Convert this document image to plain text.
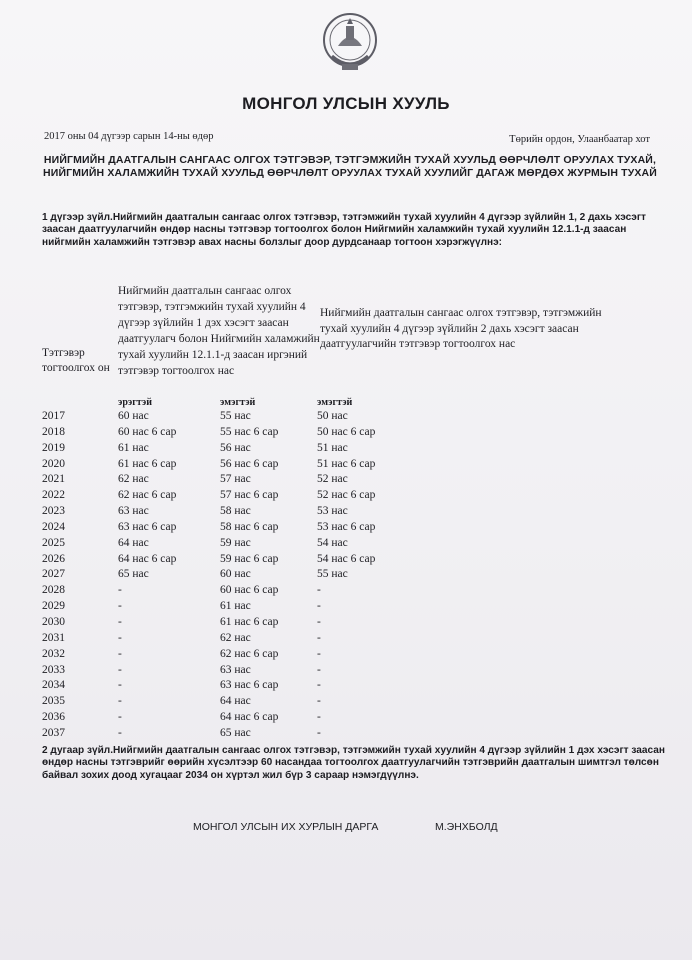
МОНГОЛ УЛСЫН ХУУЛЬ
2017 оны 04 дүгээр сарын 14-ны өдөр	Төрийн ордон, Улаанбаатар хот
НИЙГМИЙН ДААТГАЛЫН САНГААС ОЛГОХ ТЭТГЭВЭР, ТЭТГЭМЖИЙН ТУХАЙ ХУУЛЬД ӨӨРЧЛӨЛТ ОРУУЛАХ ТУХАЙ, НИЙГМИЙН ХАЛАМЖИЙН ТУХАЙ ХУУЛЬД ӨӨРЧЛӨЛТ ОРУУЛАХ ТУХАЙ ХУУЛИЙГ ДАГАЖ МӨРДӨХ ЖУРМЫН ТУХАЙ
1 дүгээр зүйл.Нийгмийн даатгалын сангаас олгох тэтгэвэр, тэтгэмжийн тухай хуулийн 4 дүгээр зүйлийн 1, 2 дахь хэсэгт заасан даатгуулагчийн өндөр насны тэтгэвэр тогтоолгох болон Нийгмийн халамжийн тухай хуулийн 12.1.1-д заасан нийгмийн халамжийн тэтгэвэр авах насны болзлыг доор дурдсанаар тогтоон хэрэгжүүлнэ:
Тэтгэвэр тогтоолгох он
Нийгмийн даатгалын сангаас олгох тэтгэвэр, тэтгэмжийн тухай хуулийн 4 дүгээр зүйлийн 1 дэх хэсэгт заасан даатгуулагч болон Нийгмийн халамжийн тухай хуулийн 12.1.1-д заасан иргэний тэтгэвэр тогтоолгох нас
Нийгмийн даатгалын сангаас олгох тэтгэвэр, тэтгэмжийн тухай хуулийн 4 дүгээр зүйлийн 2 дахь хэсэгт заасан даатгуулагчийн тэтгэвэр тогтоолгох нас
эрэгтэй	эмэгтэй	эмэгтэй
2017	60 нас	55 нас	50 нас
2018	60 нас 6 сар	55 нас 6 сар	50 нас 6 сар
2019	61 нас	56 нас	51 нас
2020	61 нас 6 сар	56 нас 6 сар	51 нас 6 сар
2021	62 нас	57 нас	52 нас
2022	62 нас 6 сар	57 нас 6 сар	52 нас 6 сар
2023	63 нас	58 нас	53 нас
2024	63 нас 6 сар	58 нас 6 сар	53 нас 6 сар
2025	64 нас	59 нас	54 нас
2026	64 нас 6 сар	59 нас 6 сар	54 нас 6 сар
2027	65 нас	60 нас	55 нас
2028	-	60 нас 6 сар	-
2029	-	61 нас	-
2030	-	61 нас 6 сар	-
2031	-	62 нас	-
2032	-	62 нас 6 сар	-
2033	-	63 нас	-
2034	-	63 нас 6 сар	-
2035	-	64 нас	-
2036	-	64 нас 6 сар	-
2037	-	65 нас	-
2 дугаар зүйл.Нийгмийн даатгалын сангаас олгох тэтгэвэр, тэтгэмжийн тухай хуулийн 4 дүгээр зүйлийн 1 дэх хэсэгт заасан өндөр насны тэтгэврийг өөрийн хүсэлтээр 60 насандаа тогтоолгох даатгуулагчийн тэтгэврийн даатгалын шимтгэл төлсөн байвал зохих доод хугацааг 2034 он хүртэл жил бүр 3 сараар нэмэгдүүлнэ.
МОНГОЛ УЛСЫН ИХ ХУРЛЫН ДАРГА	М.ЭНХБОЛД
